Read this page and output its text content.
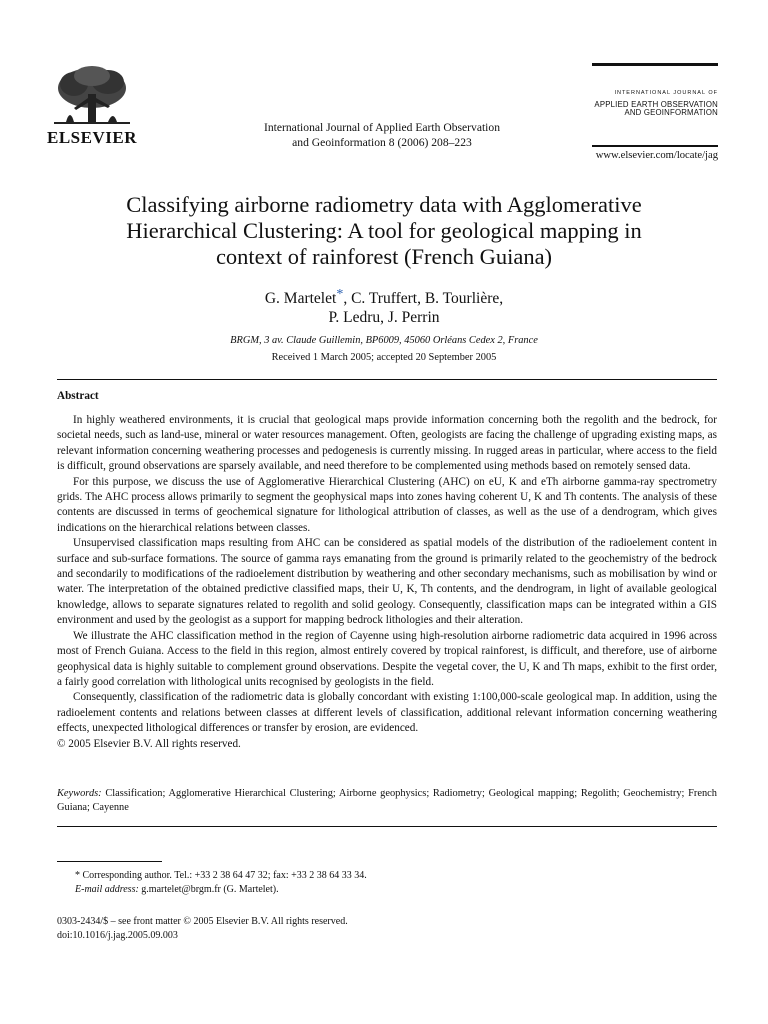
ELSEVIER
International Journal of Applied Earth Observation
and Geoinformation 8 (2006) 208–223
INTERNATIONAL JOURNAL OF
APPLIED EARTH OBSERVATION
AND GEOINFORMATION
www.elsevier.com/locate/jag
Classifying airborne radiometry data with Agglomerative
Hierarchical Clustering: A tool for geological mapping in
context of rainforest (French Guiana)
G. Martelet*, C. Truffert, B. Tourlière,
P. Ledru, J. Perrin
BRGM, 3 av. Claude Guillemin, BP6009, 45060 Orléans Cedex 2, France
Received 1 March 2005; accepted 20 September 2005
Abstract

In highly weathered environments, it is crucial that geological maps provide information concerning both the regolith and the bedrock, for societal needs, such as land-use, mineral or water resources management. Often, geologists are facing the challenge of upgrading existing maps, as relevant information concerning weathering processes and pedogenesis is currently missing. In rugged areas in particular, where access to the field is difficult, ground observations are sparsely available, and need therefore to be complemented using methods based on remotely sensed data.

For this purpose, we discuss the use of Agglomerative Hierarchical Clustering (AHC) on eU, K and eTh airborne gamma-ray spectrometry grids. The AHC process allows primarily to segment the geophysical maps into zones having coherent U, K and Th contents. The analysis of these contents are discussed in terms of geochemical signature for lithological attribution of classes, as well as the use of a dendrogram, which gives indications on the hierarchical relations between classes.

Unsupervised classification maps resulting from AHC can be considered as spatial models of the distribution of the radioelement content in surface and sub-surface formations. The source of gamma rays emanating from the ground is primarily related to the geochemistry of the bedrock and secondarily to modifications of the radioelement distribution by weathering and other secondary mechanisms, such as mobilisation by wind or water. The interpretation of the obtained predictive classified maps, their U, K, Th contents, and the dendrogram, in light of available geological knowledge, allows to separate signatures related to regolith and solid geology. Consequently, classification maps can be integrated within a GIS environment and used by the geologist as a support for mapping bedrock lithologies and their alteration.

We illustrate the AHC classification method in the region of Cayenne using high-resolution airborne radiometric data acquired in 1996 across most of French Guiana. Access to the field in this region, almost entirely covered by tropical rainforest, is difficult, and therefore, use of airborne geophysical data is highly suitable to complement ground observations. Despite the vegetal cover, the U, K and Th maps, exhibit to the first order, a fairly good correlation with lithological units recognised by geologists in the field.

Consequently, classification of the radiometric data is globally concordant with existing 1:100,000-scale geological map. In addition, using the radioelement contents and relations between classes at different levels of classification, additional relevant information concerning weathering effects, unexpected lithological differences or transfer by erosion, are evidenced.

© 2005 Elsevier B.V. All rights reserved.

Keywords: Classification; Agglomerative Hierarchical Clustering; Airborne geophysics; Radiometry; Geological mapping; Regolith; Geochemistry; French Guiana; Cayenne
* Corresponding author. Tel.: +33 2 38 64 47 32; fax: +33 2 38 64 33 34.
E-mail address: g.martelet@brgm.fr (G. Martelet).
0303-2434/$ – see front matter © 2005 Elsevier B.V. All rights reserved.
doi:10.1016/j.jag.2005.09.003
